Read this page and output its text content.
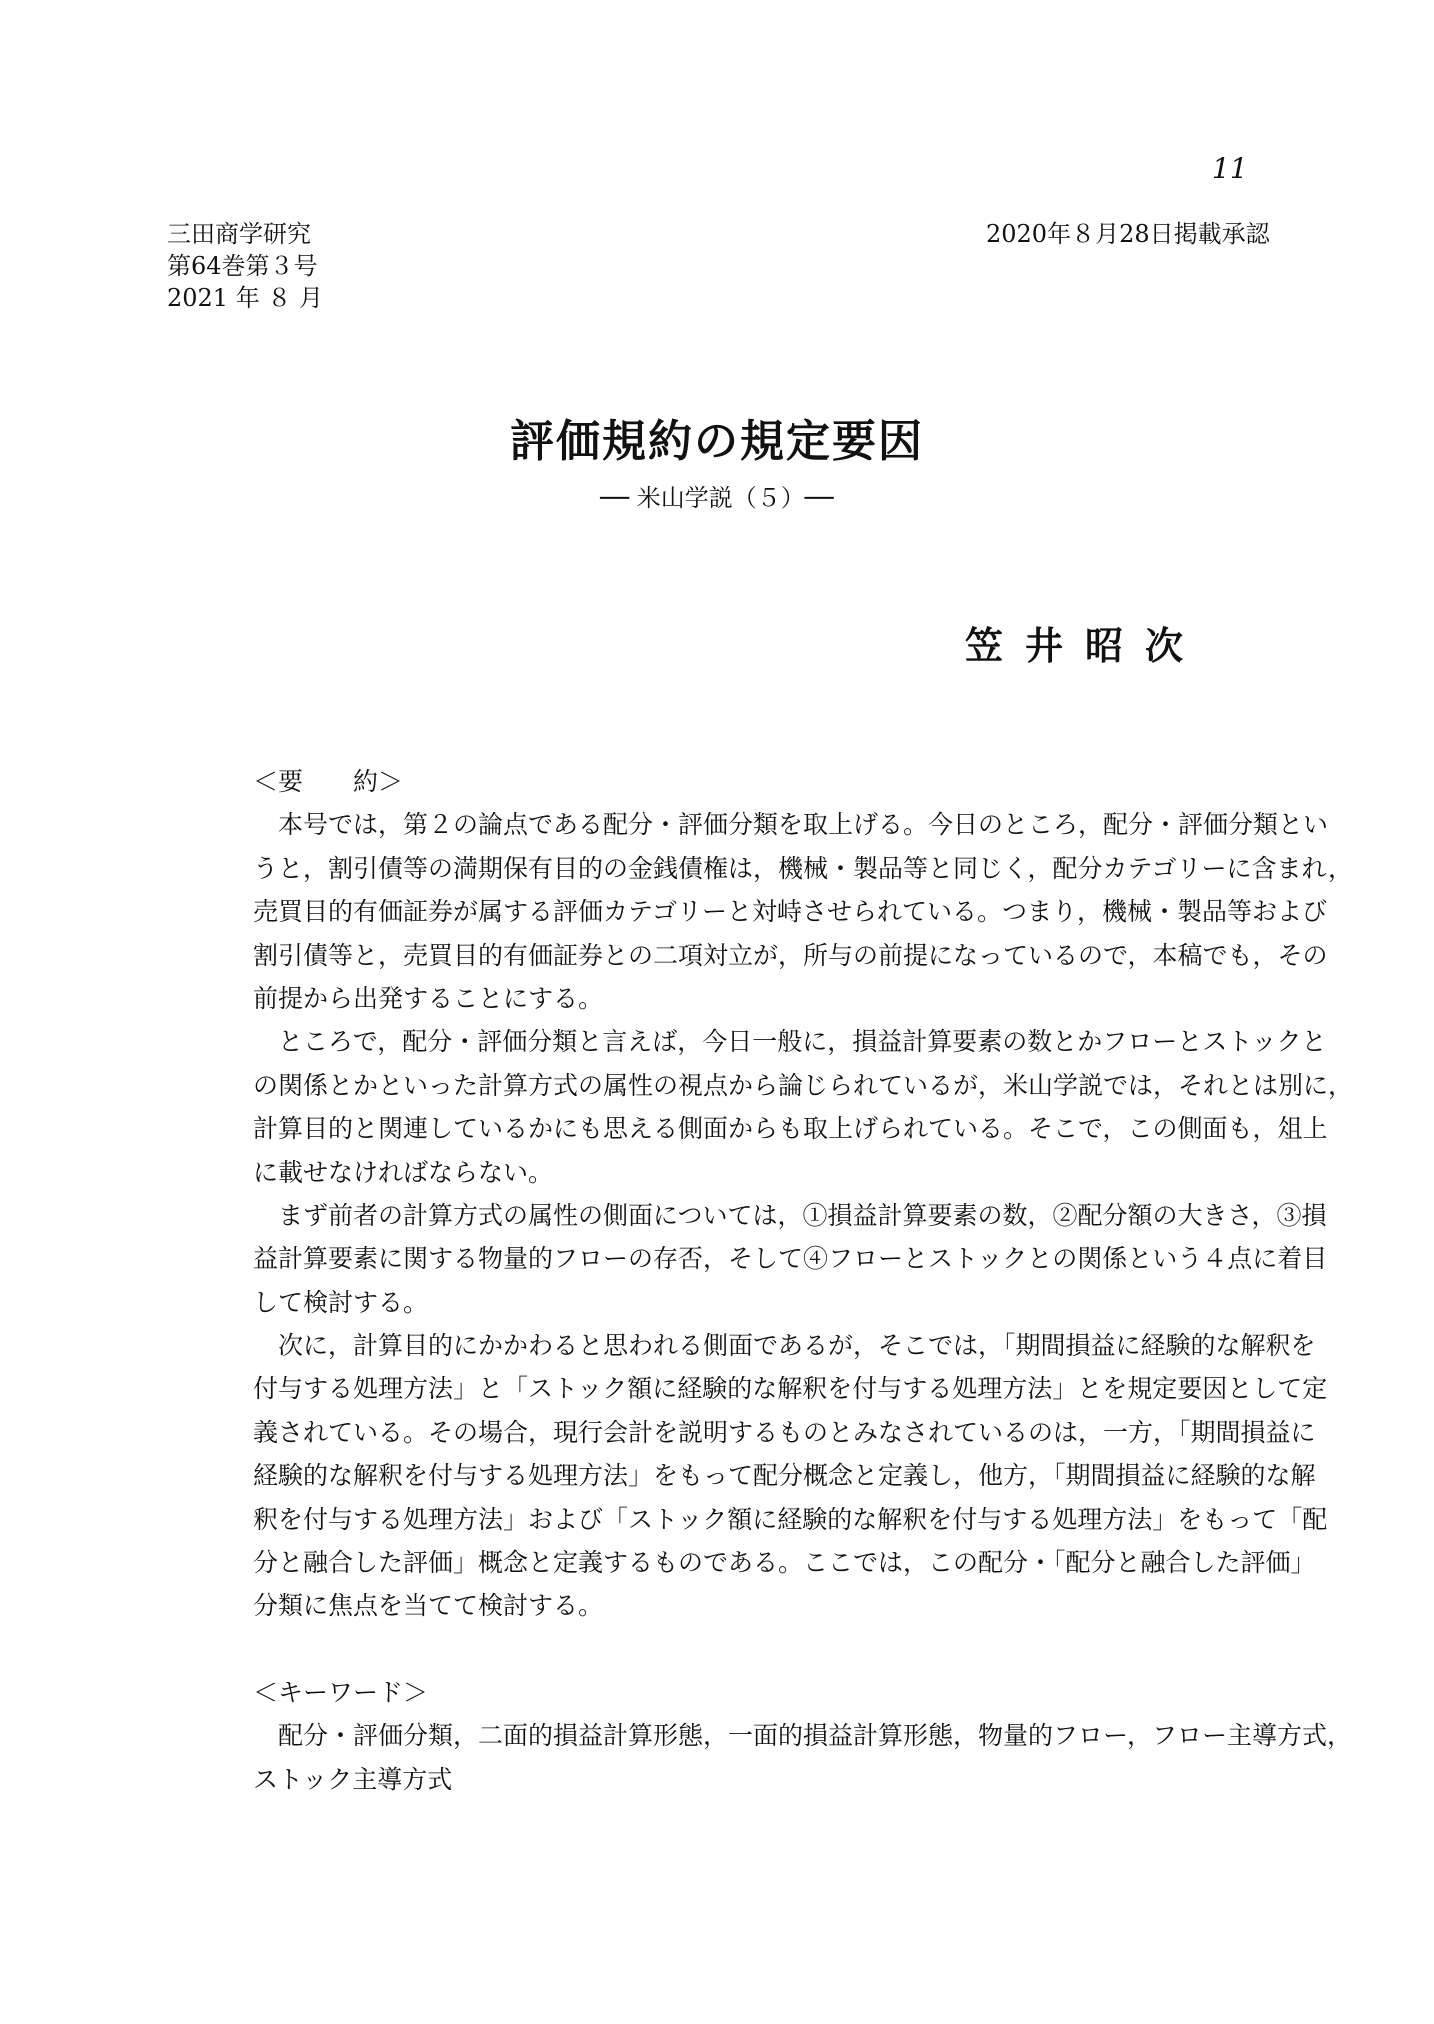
11
三田商学研究
第64巻第３号
2021 年 ８ 月
2020年８月28日掲載承認
評価規約の規定要因
── 米山学説（５）──
笠井昭次
＜要　　約＞
本号では，第２の論点である配分・評価分類を取上げる。今日のところ，配分・評価分類とい
うと，割引債等の満期保有目的の金銭債権は，機械・製品等と同じく，配分カテゴリーに含まれ，
売買目的有価証券が属する評価カテゴリーと対峙させられている。つまり，機械・製品等および
割引債等と，売買目的有価証券との二項対立が，所与の前提になっているので，本稿でも，その
前提から出発することにする。
ところで，配分・評価分類と言えば，今日一般に，損益計算要素の数とかフローとストックと
の関係とかといった計算方式の属性の視点から論じられているが，米山学説では，それとは別に，
計算目的と関連しているかにも思える側面からも取上げられている。そこで，この側面も，俎上
に載せなければならない。
まず前者の計算方式の属性の側面については，①損益計算要素の数，②配分額の大きさ，③損
益計算要素に関する物量的フローの存否，そして④フローとストックとの関係という４点に着目
して検討する。
次に，計算目的にかかわると思われる側面であるが，そこでは，「期間損益に経験的な解釈を
付与する処理方法」と「ストック額に経験的な解釈を付与する処理方法」とを規定要因として定
義されている。その場合，現行会計を説明するものとみなされているのは，一方，「期間損益に
経験的な解釈を付与する処理方法」をもって配分概念と定義し，他方，「期間損益に経験的な解
釈を付与する処理方法」および「ストック額に経験的な解釈を付与する処理方法」をもって「配
分と融合した評価」概念と定義するものである。ここでは，この配分・「配分と融合した評価」
分類に焦点を当てて検討する。
＜キーワード＞
配分・評価分類，二面的損益計算形態，一面的損益計算形態，物量的フロー，フロー主導方式，
ストック主導方式
